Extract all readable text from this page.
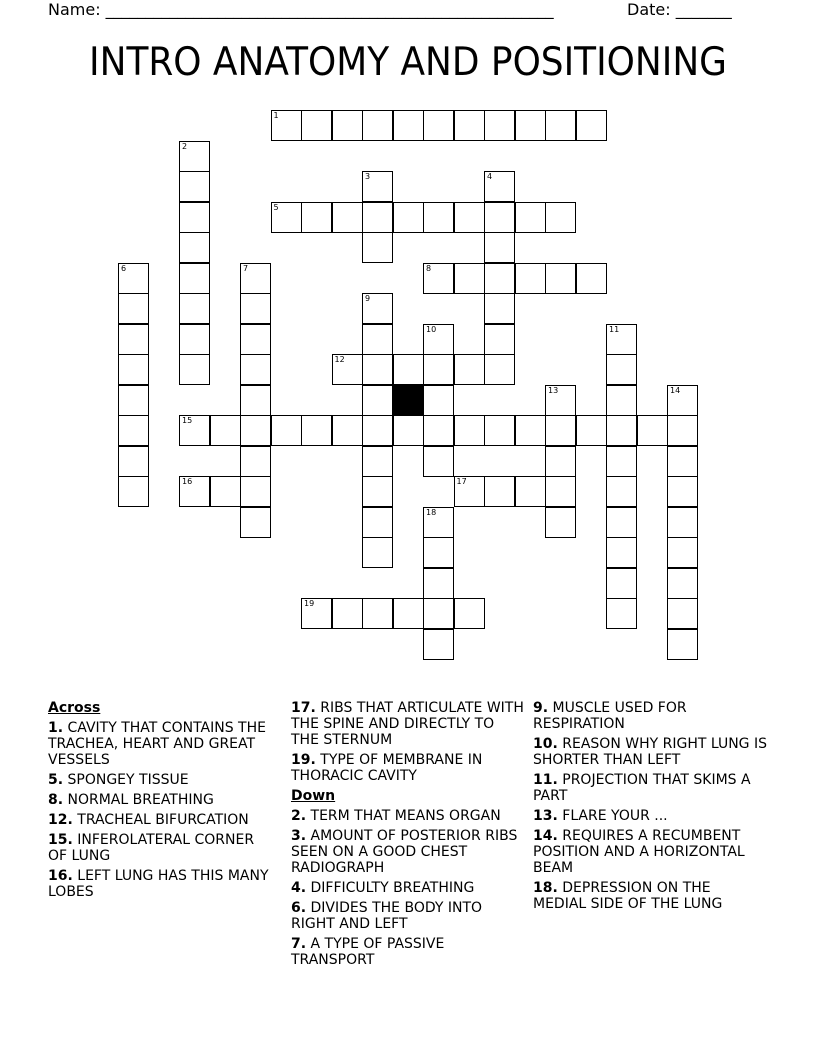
Name: ________________________________________________________

	Date: _______

INTRO ANATOMY AND POSITIONING
1
2
3	4
5
6	7	8
9
10	11
12
13	14
15
16	17
18
19
Across
1. CAVITY THAT CONTAINS THE TRACHEA, HEART AND GREAT VESSELS
5. SPONGEY TISSUE
8. NORMAL BREATHING
12. TRACHEAL BIFURCATION
15. INFEROLATERAL CORNER OF LUNG
16. LEFT LUNG HAS THIS MANY LOBES
17. RIBS THAT ARTICULATE WITH THE SPINE AND DIRECTLY TO THE STERNUM
19. TYPE OF MEMBRANE IN THORACIC CAVITY
Down
2. TERM THAT MEANS ORGAN
3. AMOUNT OF POSTERIOR RIBS SEEN ON A GOOD CHEST RADIOGRAPH
4. DIFFICULTY BREATHING
6. DIVIDES THE BODY INTO RIGHT AND LEFT
7. A TYPE OF PASSIVE TRANSPORT
9. MUSCLE USED FOR RESPIRATION
10. REASON WHY RIGHT LUNG IS SHORTER THAN LEFT
11. PROJECTION THAT SKIMS A PART
13. FLARE YOUR ...
14. REQUIRES A RECUMBENT POSITION AND A HORIZONTAL BEAM
18. DEPRESSION ON THE MEDIAL SIDE OF THE LUNG
